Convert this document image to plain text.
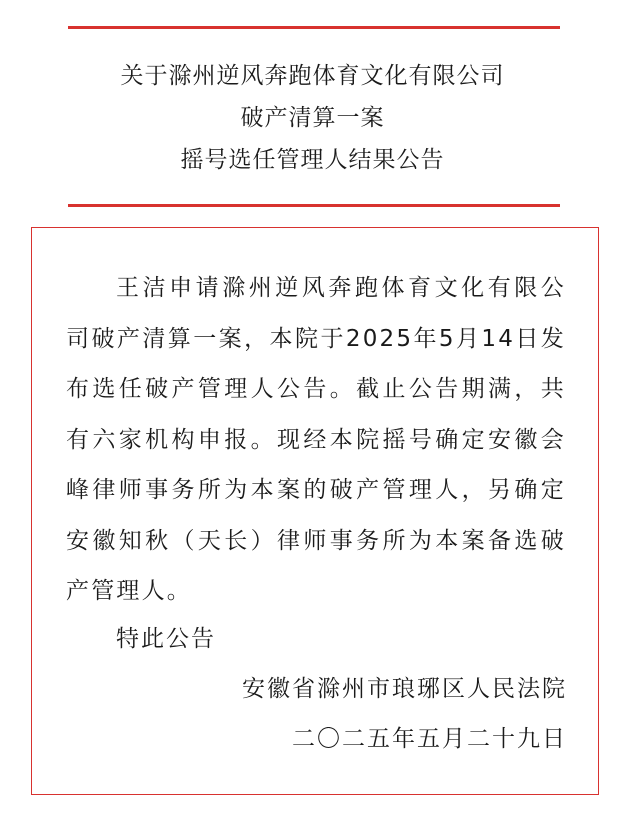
关于滁州逆风奔跑体育文化有限公司
破产清算一案
摇号选任管理人结果公告

王洁申请滁州逆风奔跑体育文化有限公司破产清算一案，本院于2025年5月14日发布选任破产管理人公告。截止公告期满，共有六家机构申报。现经本院摇号确定安徽会峰律师事务所为本案的破产管理人，另确定安徽知秋（天长）律师事务所为本案备选破产管理人。

特此公告

安徽省滁州市琅琊区人民法院

二〇二五年五月二十九日
